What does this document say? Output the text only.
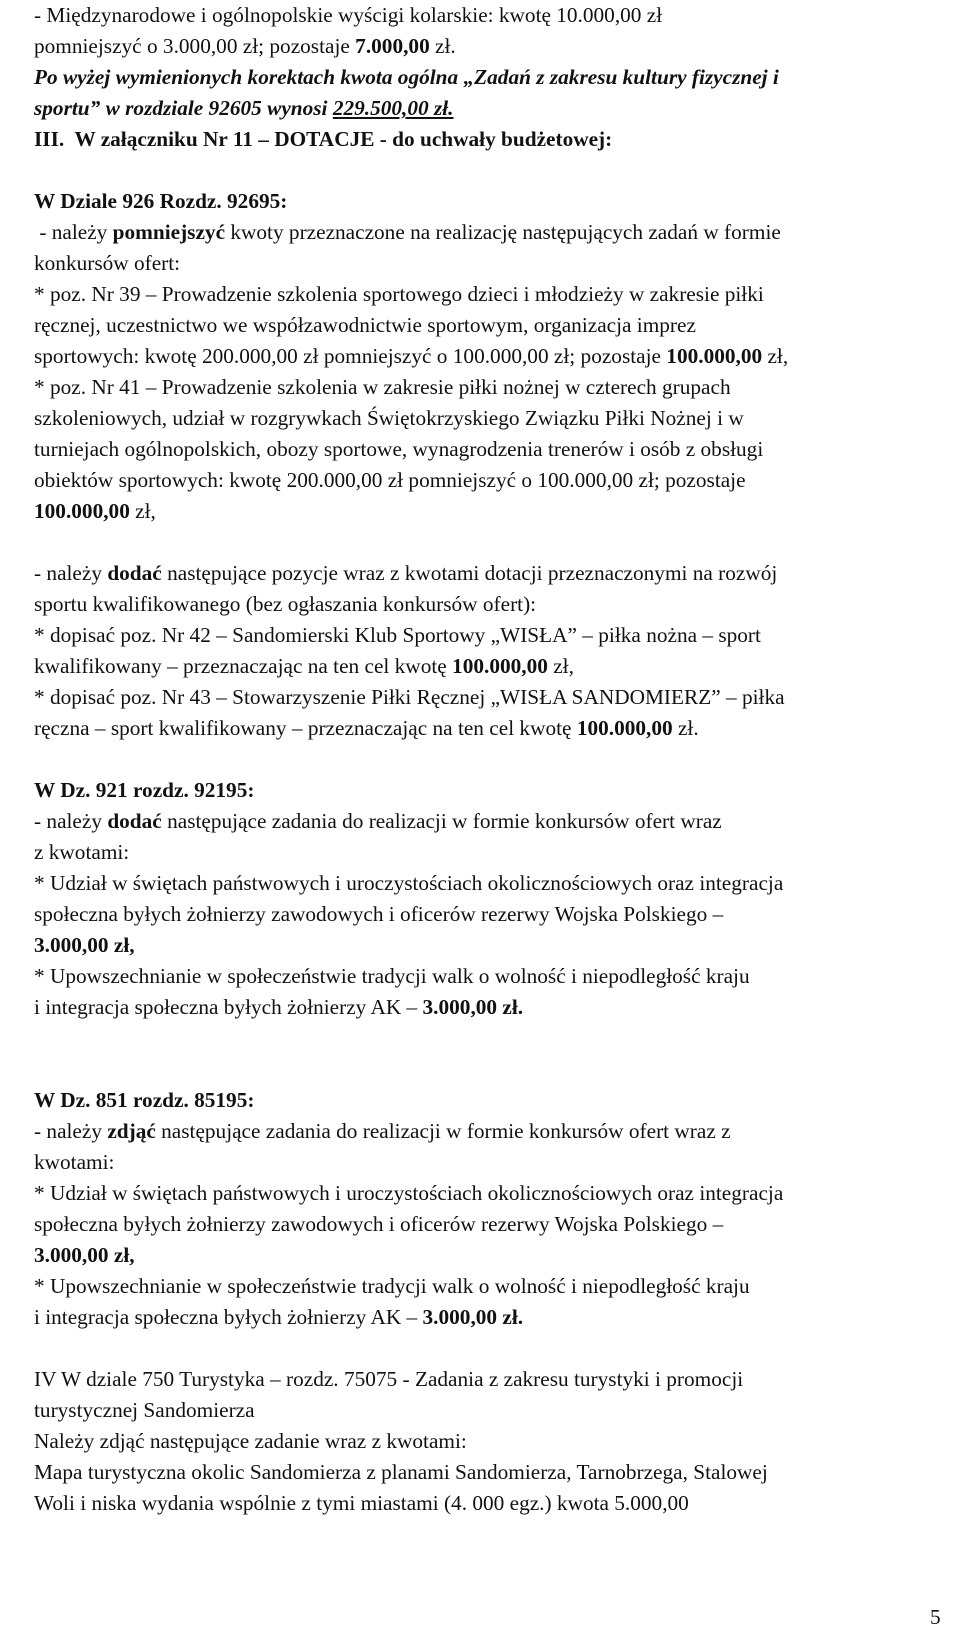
- Międzynarodowe i ogólnopolskie wyścigi kolarskie: kwotę 10.000,00 zł
pomniejszyć o 3.000,00 zł; pozostaje 7.000,00 zł.
Po wyżej wymienionych korektach kwota ogólna „Zadań z zakresu kultury fizycznej i
sportu” w rozdziale 92605 wynosi 229.500,00 zł.
III. W załączniku Nr 11 – DOTACJE - do uchwały budżetowej:
W Dziale 926 Rozdz. 92695:
- należy pomniejszyć kwoty przeznaczone na realizację następujących zadań w formie
konkursów ofert:
* poz. Nr 39 – Prowadzenie szkolenia sportowego dzieci i młodzieży w zakresie piłki
ręcznej, uczestnictwo we współzawodnictwie sportowym, organizacja imprez
sportowych: kwotę 200.000,00 zł pomniejszyć o 100.000,00 zł; pozostaje 100.000,00 zł,
* poz. Nr 41 – Prowadzenie szkolenia w zakresie piłki nożnej w czterech grupach
szkoleniowych, udział w rozgrywkach Świętokrzyskiego Związku Piłki Nożnej i w
turniejach ogólnopolskich, obozy sportowe, wynagrodzenia trenerów i osób z obsługi
obiektów sportowych: kwotę 200.000,00 zł pomniejszyć o 100.000,00 zł; pozostaje
100.000,00 zł,
- należy dodać następujące pozycje wraz z kwotami dotacji przeznaczonymi na rozwój
sportu kwalifikowanego (bez ogłaszania konkursów ofert):
* dopisać poz. Nr 42 – Sandomierski Klub Sportowy „WISŁA” – piłka nożna – sport
kwalifikowany – przeznaczając na ten cel kwotę 100.000,00 zł,
* dopisać poz. Nr 43 – Stowarzyszenie Piłki Ręcznej „WISŁA SANDOMIERZ” – piłka
ręczna – sport kwalifikowany – przeznaczając na ten cel kwotę 100.000,00 zł.
W Dz. 921 rozdz. 92195:
- należy dodać następujące zadania do realizacji w formie konkursów ofert wraz
z kwotami:
* Udział w świętach państwowych i uroczystościach okolicznościowych oraz integracja
społeczna byłych żołnierzy zawodowych i oficerów rezerwy Wojska Polskiego –
3.000,00 zł,
* Upowszechnianie w społeczeństwie tradycji walk o wolność i niepodległość kraju
i integracja społeczna byłych żołnierzy AK – 3.000,00 zł.
W Dz. 851 rozdz. 85195:
- należy zdjąć następujące zadania do realizacji w formie konkursów ofert wraz z
kwotami:
* Udział w świętach państwowych i uroczystościach okolicznościowych oraz integracja
społeczna byłych żołnierzy zawodowych i oficerów rezerwy Wojska Polskiego –
3.000,00 zł,
* Upowszechnianie w społeczeństwie tradycji walk o wolność i niepodległość kraju
i integracja społeczna byłych żołnierzy AK – 3.000,00 zł.
IV W dziale 750 Turystyka – rozdz. 75075 - Zadania z zakresu turystyki i promocji
turystycznej Sandomierza
Należy zdjąć następujące zadanie wraz z kwotami:
Mapa turystyczna okolic Sandomierza z planami Sandomierza, Tarnobrzega, Stalowej
Woli i niska wydania wspólnie z tymi miastami (4. 000 egz.) kwota 5.000,00
5
